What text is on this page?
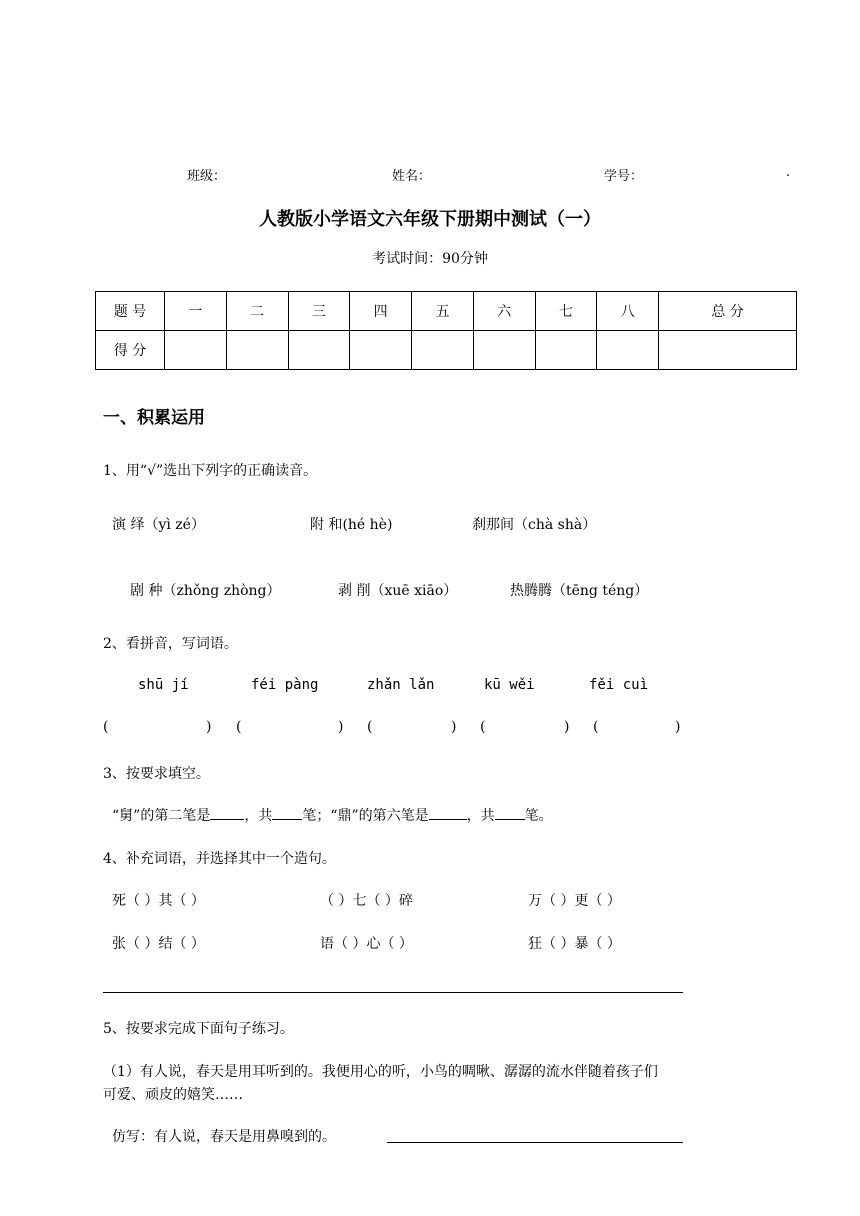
班级：	姓名：	学号：	.
人教版小学语文六年级下册期中测试（一）
考试时间：90分钟
题 号	一	二	三	四	五	六	七	八	总 分
得 分									
一、积累运用
1、用“√”选出下列字的正确读音。
演 绎（yì zé）	附 和(hé hè)	刹那间（chà shà）
剧 种（zhǒng zhòng）	剥 削（xuē xiāo）	热腾腾（tēng téng）
2、看拼音，写词语。
shū jí	féi pàng	zhǎn lǎn	kū wěi	fěi cuì
(	) (	) (	) (	) (	)
3、按要求填空。
“舅”的第二笔是 ，共 笔；“鼎”的第六笔是	，共 笔。
4、补充词语，并选择其中一个造句。
死（ ）其（ ）	（ ）七（ ）碎	万（ ）更（ ）
张（ ）结（ ）	语（ ）心（ ）	狂（ ）暴（ ）
5、按要求完成下面句子练习。
（1）有人说，春天是用耳听到的。我便用心的听，小鸟的啁啾、潺潺的流水伴随着孩子们
可爱、顽皮的嬉笑……
仿写：有人说，春天是用鼻嗅到的。
